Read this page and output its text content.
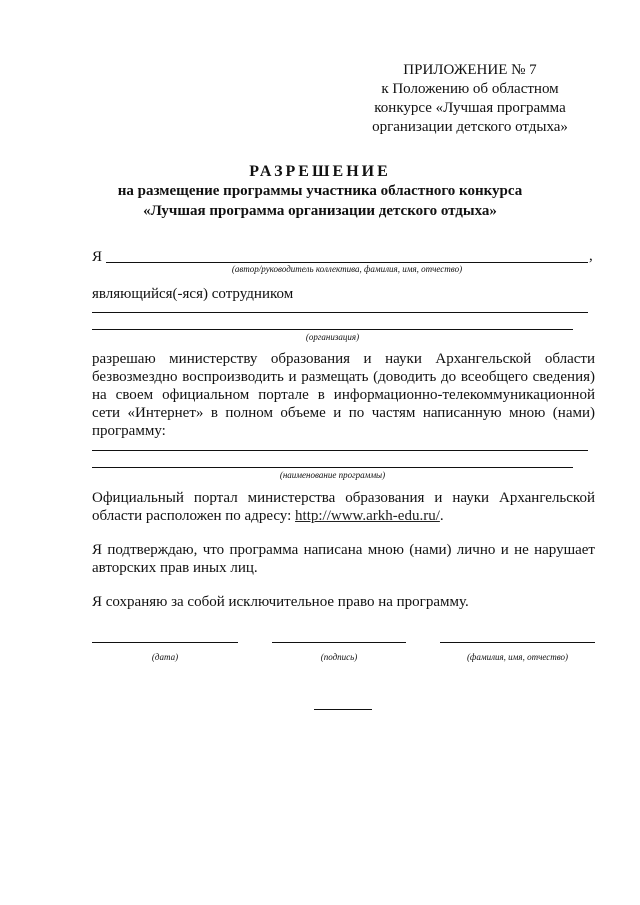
ПРИЛОЖЕНИЕ № 7
к Положению об областном
конкурсе «Лучшая программа
организации детского отдыха»
РАЗРЕШЕНИЕ
на размещение программы участника областного конкурса
«Лучшая программа организации детского отдыха»
Я	,
(автор/руководитель коллектива, фамилия, имя, отчество)
являющийся(-яся) сотрудником
(организация)
разрешаю министерству образования и науки Архангельской области безвозмездно воспроизводить и размещать (доводить до всеобщего сведения) на своем официальном портале в информационно-телекоммуникационной сети «Интернет» в полном объеме и по частям написанную мною (нами) программу:
(наименование программы)
Официальный портал министерства образования и науки Архангельской области расположен по адресу: http://www.arkh-edu.ru/.
Я подтверждаю, что программа написана мною (нами) лично и не нарушает авторских прав иных лиц.
Я сохраняю за собой исключительное право на программу.
(дата)	(подпись)	(фамилия, имя, отчество)
